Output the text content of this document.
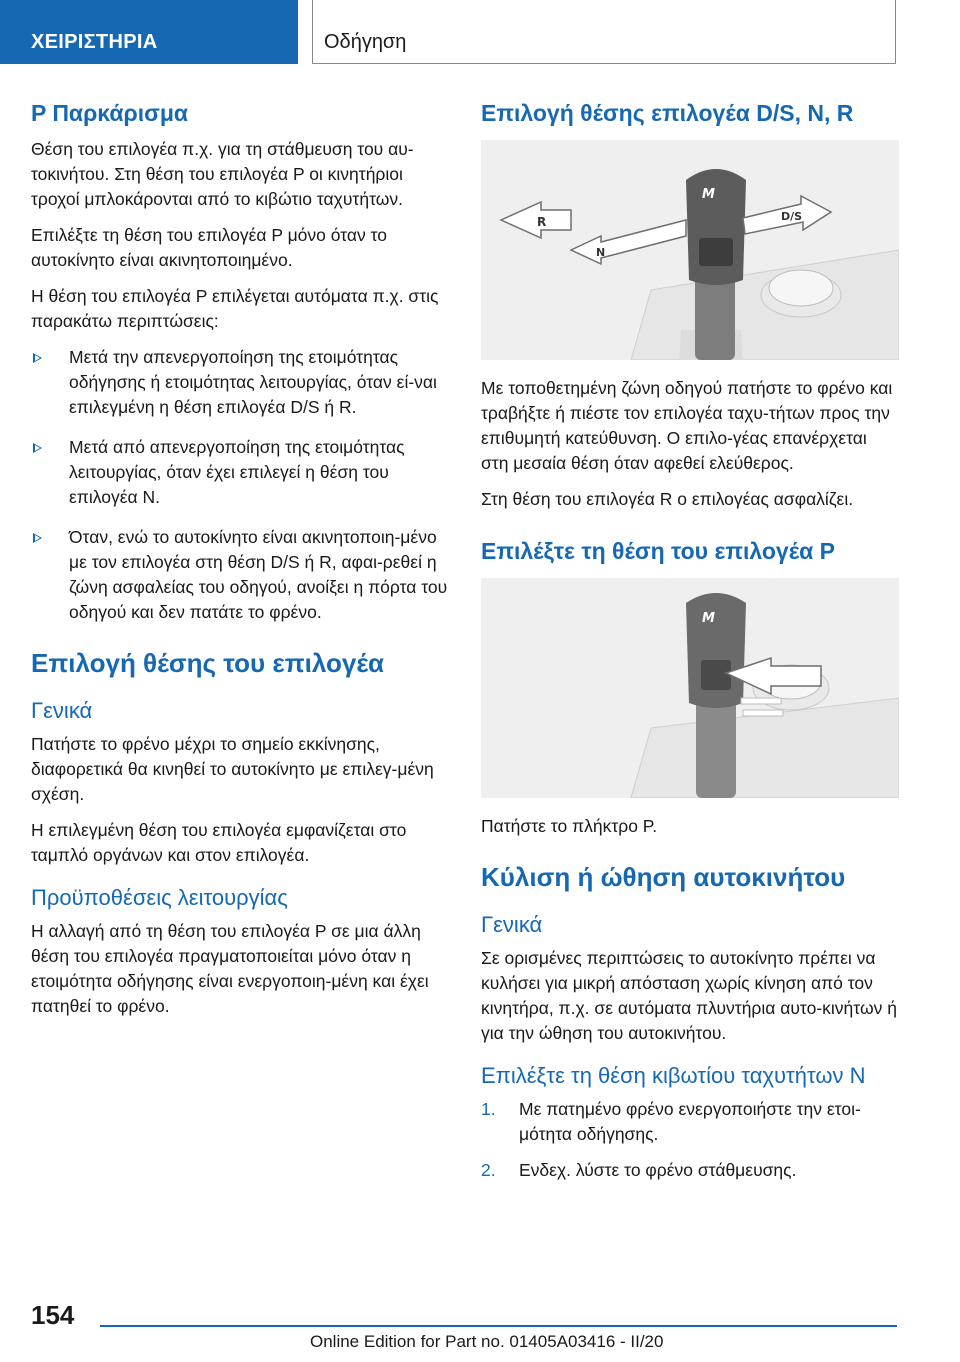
ΧΕΙΡΙΣΤΗΡΙΑ	Οδήγηση
P Παρκάρισμα

Θέση του επιλογέα π.χ. για τη στάθμευση του αυ-τοκινήτου. Στη θέση του επιλογέα P οι κινητήριοι τροχοί μπλοκάρονται από το κιβώτιο ταχυτήτων.

Επιλέξτε τη θέση του επιλογέα P μόνο όταν το αυτοκίνητο είναι ακινητοποιημένο.

Η θέση του επιλογέα P επιλέγεται αυτόματα π.χ. στις παρακάτω περιπτώσεις:

Μετά την απενεργοποίηση της ετοιμότητας οδήγησης ή ετοιμότητας λειτουργίας, όταν εί-ναι επιλεγμένη η θέση επιλογέα D/S ή R.
Μετά από απενεργοποίηση της ετοιμότητας λειτουργίας, όταν έχει επιλεγεί η θέση του επιλογέα N.
Όταν, ενώ το αυτοκίνητο είναι ακινητοποιη-μένο με τον επιλογέα στη θέση D/S ή R, αφαι-ρεθεί η ζώνη ασφαλείας του οδηγού, ανοίξει η πόρτα του οδηγού και δεν πατάτε το φρένο.
Επιλογή θέσης του επιλογέα
Γενικά

Πατήστε το φρένο μέχρι το σημείο εκκίνησης, διαφορετικά θα κινηθεί το αυτοκίνητο με επιλεγ-μένη σχέση.

Η επιλεγμένη θέση του επιλογέα εμφανίζεται στο ταμπλό οργάνων και στον επιλογέα.

Προϋποθέσεις λειτουργίας

Η αλλαγή από τη θέση του επιλογέα P σε μια άλλη θέση του επιλογέα πραγματοποιείται μόνο όταν η ετοιμότητα οδήγησης είναι ενεργοποιη-μένη και έχει πατηθεί το φρένο.

Επιλογή θέσης επιλογέα D/S, N, R
M
R
N
D/S

Με τοποθετημένη ζώνη οδηγού πατήστε το φρένο και τραβήξτε ή πιέστε τον επιλογέα ταχυ-τήτων προς την επιθυμητή κατεύθυνση. Ο επιλο-γέας επανέρχεται στη μεσαία θέση όταν αφεθεί ελεύθερος.

Στη θέση του επιλογέα R ο επιλογέας ασφαλίζει.

Επιλέξτε τη θέση του επιλογέα P
M

Πατήστε το πλήκτρο P.

Κύλιση ή ώθηση αυτοκινήτου
Γενικά

Σε ορισμένες περιπτώσεις το αυτοκίνητο πρέπει να κυλήσει για μικρή απόσταση χωρίς κίνηση από τον κινητήρα, π.χ. σε αυτόματα πλυντήρια αυτο-κινήτων ή για την ώθηση του αυτοκινήτου.

Επιλέξτε τη θέση κιβωτίου ταχυτήτων N
1. Με πατημένο φρένο ενεργοποιήστε την ετοι-μότητα οδήγησης.
2. Ενδεχ. λύστε το φρένο στάθμευσης.
154
Online Edition for Part no. 01405A03416 - II/20
